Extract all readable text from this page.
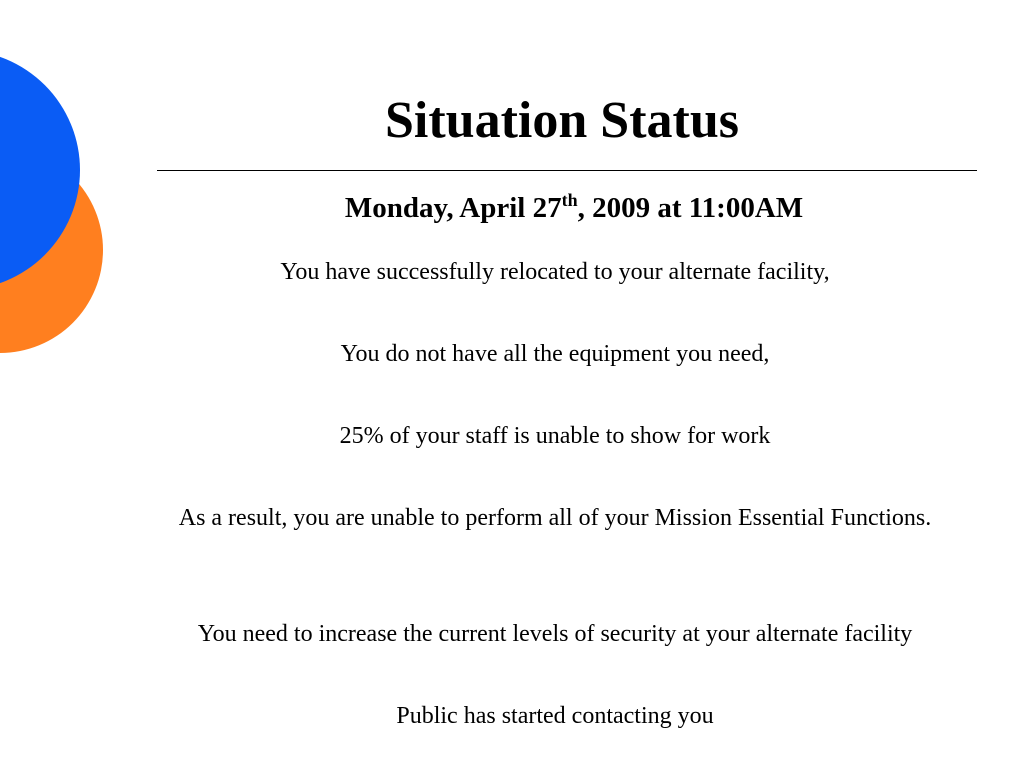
Situation Status

Monday, April 27th, 2009 at 11:00AM

You have successfully relocated to your alternate facility,

You do not have all the equipment you need,

25% of your staff is unable to show for work

As a result, you are unable to perform all of your Mission Essential Functions.

You need to increase the current levels of security at your alternate facility

Public has started contacting you
